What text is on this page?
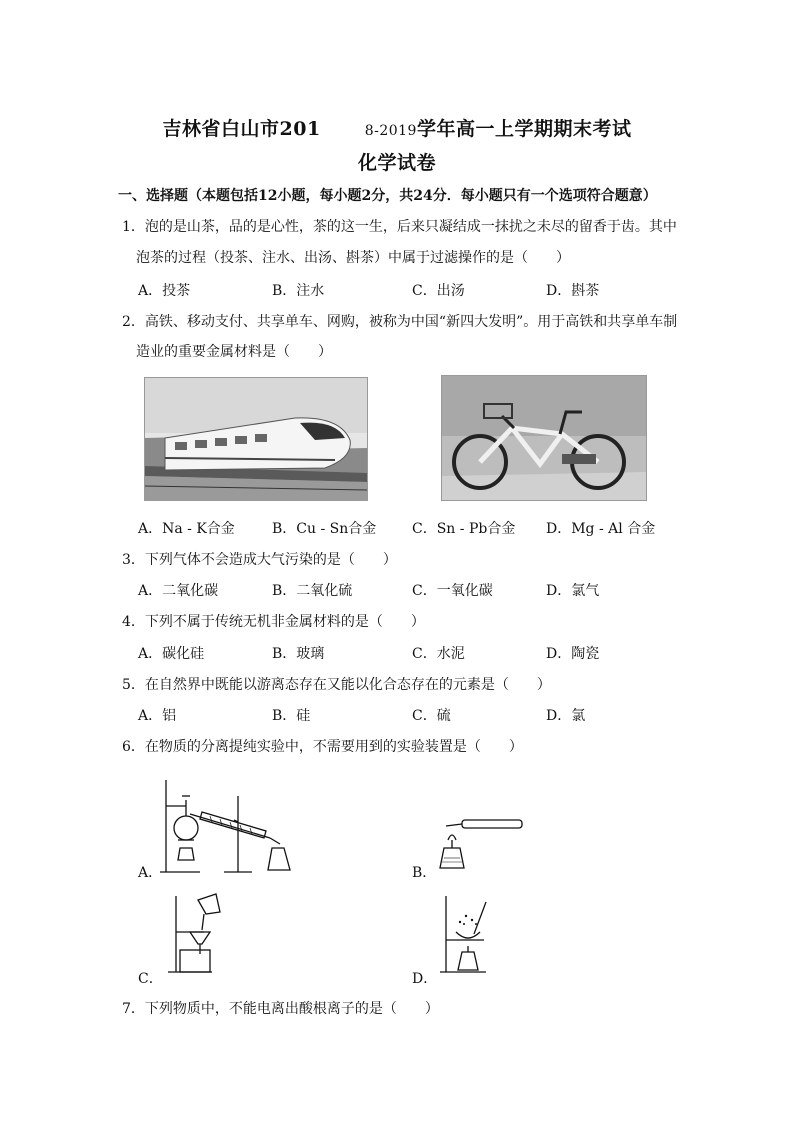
吉林省白山市201	8-2019学年高一上学期期末考试
化学试卷
一、选择题（本题包括12小题，每小题2分，共24分．每小题只有一个选项符合题意）
1．泡的是山茶，品的是心性，茶的这一生，后来只凝结成一抹扰之未尽的留香于齿。其中
泡茶的过程（投茶、注水、出汤、斟茶）中属于过滤操作的是（　　）
A．投茶	B．注水	C．出汤	D．斟茶
2．高铁、移动支付、共享单车、网购，被称为中国“新四大发明”。用于高铁和共享单车制
造业的重要金属材料是（　　）
A．Na - K合金	B．Cu - Sn合金	C．Sn - Pb合金 D．Mg - Al 合金
3．下列气体不会造成大气污染的是（　　）
A．二氧化碳	B．二氧化硫	C．一氧化碳	D．氯气
4．下列不属于传统无机非金属材料的是（　　）
A．碳化硅	B．玻璃	C．水泥	D．陶瓷
5．在自然界中既能以游离态存在又能以化合态存在的元素是（　　）
A．铝	B．硅	C．硫	D．氯
6．在物质的分离提纯实验中，不需要用到的实验装置是（　　）
A．	B．
C．	D．
7．下列物质中，不能电离出酸根离子的是（　　）
